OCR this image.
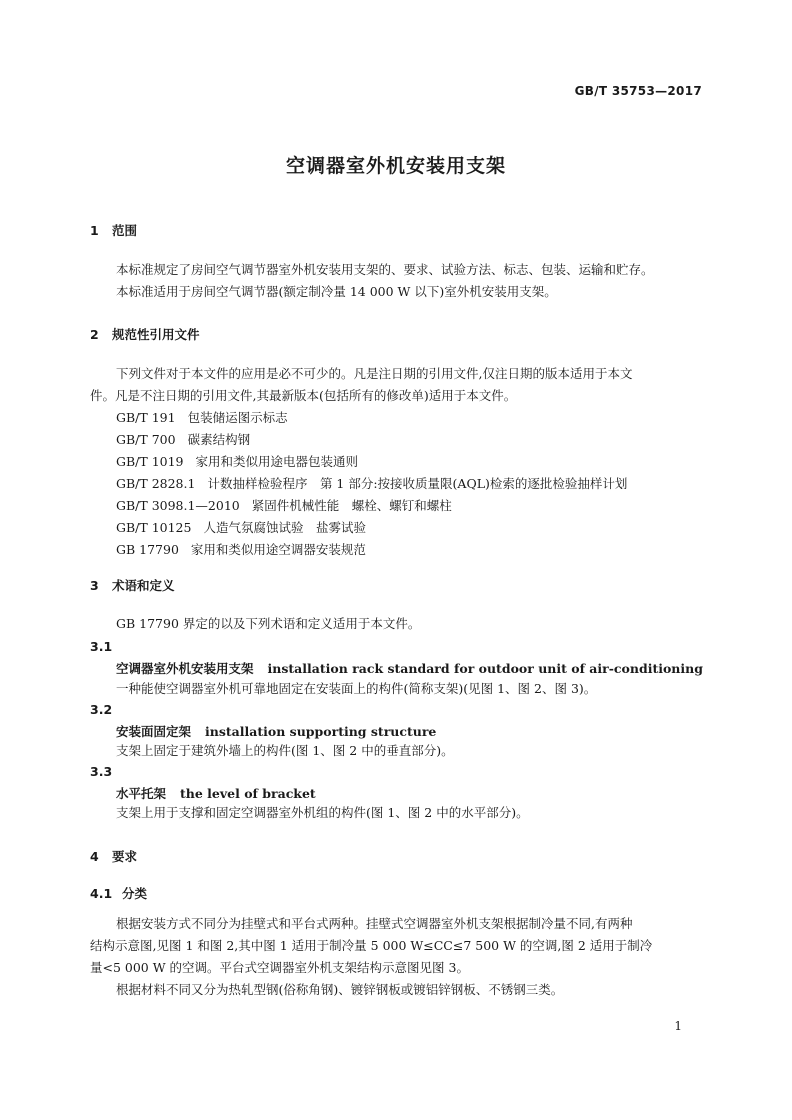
GB/T 35753—2017
空调器室外机安装用支架
1 范围
本标准规定了房间空气调节器室外机安装用支架的、要求、试验方法、标志、包装、运输和贮存。
本标准适用于房间空气调节器(额定制冷量 14 000 W 以下)室外机安装用支架。
2 规范性引用文件
下列文件对于本文件的应用是必不可少的。凡是注日期的引用文件,仅注日期的版本适用于本文
件。凡是不注日期的引用文件,其最新版本(包括所有的修改单)适用于本文件。
GB/T 191 包装储运图示标志
GB/T 700 碳素结构钢
GB/T 1019 家用和类似用途电器包装通则
GB/T 2828.1 计数抽样检验程序　第 1 部分:按接收质量限(AQL)检索的逐批检验抽样计划
GB/T 3098.1—2010 紧固件机械性能　螺栓、螺钉和螺柱
GB/T 10125 人造气氛腐蚀试验　盐雾试验
GB 17790 家用和类似用途空调器安装规范
3 术语和定义
GB 17790 界定的以及下列术语和定义适用于本文件。
3.1
空调器室外机安装用支架 installation rack standard for outdoor unit of air-conditioning
一种能使空调器室外机可靠地固定在安装面上的构件(简称支架)(见图 1、图 2、图 3)。
3.2
安装面固定架 installation supporting structure
支架上固定于建筑外墙上的构件(图 1、图 2 中的垂直部分)。
3.3
水平托架 the level of bracket
支架上用于支撑和固定空调器室外机组的构件(图 1、图 2 中的水平部分)。
4 要求
4.1 分类
根据安装方式不同分为挂壁式和平台式两种。挂壁式空调器室外机支架根据制冷量不同,有两种
结构示意图,见图 1 和图 2,其中图 1 适用于制冷量 5 000 W≤CC≤7 500 W 的空调,图 2 适用于制冷
量<5 000 W 的空调。平台式空调器室外机支架结构示意图见图 3。
根据材料不同又分为热轧型钢(俗称角钢)、镀锌钢板或镀铝锌钢板、不锈钢三类。
1
